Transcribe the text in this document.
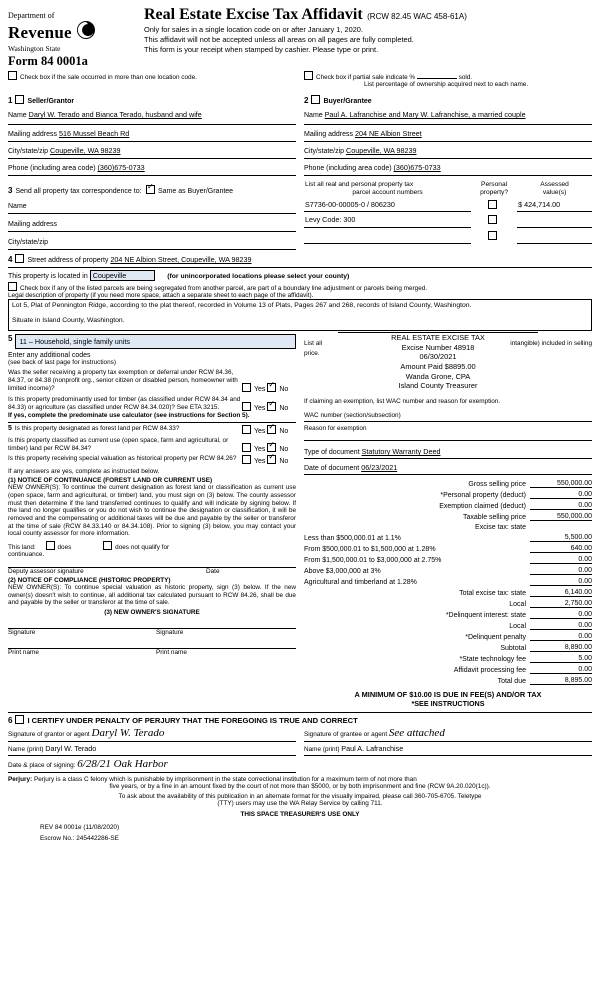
Department of
Revenue
Washington State
Form 84 0001a
Real Estate Excise Tax Affidavit (RCW 82.45 WAC 458-61A)
Only for sales in a single location code on or after January 1, 2020.
This affidavit will not be accepted unless all areas on all pages are fully completed.
This form is your receipt when stamped by cashier. Please type or print.
Check box if the sale occurred in more than one location code.	Check box if partial sale indicate %	sold.
List percentage of ownership acquired next to each name.
1 Seller/Grantor
Name Daryl W. Terado and Bianca Terado, husband and wife
Mailing address 516 Mussel Beach Rd
City/state/zip Coupeville, WA 98239
Phone (including area code) (360)675-0733
2 Buyer/Grantee
Name Paul A. Lafranchise and Mary W. Lafranchise, a married couple
Mailing address 204 NE Albion Street
City/state/zip Coupeville, WA 98239
Phone (including area code) (360)675-0733
3 Send all property tax correspondence to: ✓ Same as Buyer/Grantee
Name
Mailing address
City/state/zip
List all real and personal property tax
parcel account numbers

Personal
property?

Assessed
value(s)

S7736-00-00005-0 / 806230		$ 424,714.00
Levy Code: 300		

4 Street address of property 204 NE Albion Street, Coupeville, WA 98239
This property is located in Coupeville	(for unincorporated locations please select your county)
Check box if any of the listed parcels are being segregated from another parcel, are part of a boundary line adjustment or parcels being merged.
Legal description of property (if you need more space, attach a separate sheet to each page of the affidavit).
Lot 5, Plat of Pennington Ridge, according to the plat thereof, recorded in Volume 13 of Plats, Pages 267 and 268, records of Island County, Washington.
Situate in Island County, Washington.
5 11 – Household, single family units
Enter any additional codes
(see back of last page for instructions)
Was the seller receiving a property tax exemption or deferral under RCW 84.36, 84.37, or 84.38 (nonprofit org., senior citizen or disabled person, homeowner with limited income)?	Yes ✓No
Is this property predominantly used for timber (as classified under RCW 84.34 and 84.33) or agriculture (as classified under RCW 84.34.020)? See ETA 3215.	Yes ✓No
If yes, complete the predominate use calculator (see instructions for Section 5).
5 Is this property designated as forest land per RCW 84.33?	Yes ✓No
Is this property classified as current use (open space, farm and agricultural, or timber) land per RCW 84.34?	Yes ✓No
Is this property receiving special valuation as historical property per RCW 84.26?	Yes ✓No
If any answers are yes, complete as instructed below.
(1) NOTICE OF CONTINUANCE (FOREST LAND OR CURRENT USE)
NEW OWNER(S): To continue the current designation as forest land or classification as current use (open space, farm and agricultural, or timber) land, you must sign on (3) below. The county assessor must then determine if the land transferred continues to qualify and will indicate by signing below. If the land no longer qualifies or you do not wish to continue the designation or classification, it will be removed and the compensating or additional taxes will be due and payable by the seller or transferor at the time of sale (RCW 84.33.140 or 84.34.108). Prior to signing (3) below, you may contact your local county assessor for more information.
This land:	does	does not qualify for
continuance.
Deputy assessor signature	Date
(2) NOTICE OF COMPLIANCE (HISTORIC PROPERTY)
NEW OWNER(S): To continue special valuation as historic property, sign (3) below. If the new owner(s) doesn't wish to continue, all additional tax calculated pursuant to RCW 84.26, shall be due and payable by the seller or transferor at the time of sale.
(3) NEW OWNER'S SIGNATURE
Signature	Signature
Print name	Print name
List all
price.
intangible) included in selling
REAL ESTATE EXCISE TAX
Excise Number 48918
06/30/2021
Amount Paid $8895.00
Wanda Grone, CPA
Island County Treasurer
If claiming an exemption, list WAC number and reason for exemption.
WAC number (section/subsection)
Reason for exemption
Type of document Statutory Warranty Deed
Date of document 06/23/2021
Gross selling price	550,000.00
*Personal property (deduct)	0.00
Exemption claimed (deduct)	0.00
Taxable selling price	550,000.00
Excise tax: state
Less than $500,000.01 at 1.1%	5,500.00
From $500,000.01 to $1,500,000 at 1.28%	640.00
From $1,500,000.01 to $3,000,000 at 2.75%	0.00
Above $3,000,000 at 3%	0.00
Agricultural and timberland at 1.28%	0.00
Total excise tax: state	6,140.00
Local	2,750.00
*Delinquent interest: state	0.00
Local	0.00
*Delinquent penalty	0.00
Subtotal	8,890.00
*State technology fee	5.00
Affidavit processing fee	0.00
Total due	8,895.00
A MINIMUM OF $10.00 IS DUE IN FEE(S) AND/OR TAX
*SEE INSTRUCTIONS
6 I CERTIFY UNDER PENALTY OF PERJURY THAT THE FOREGOING IS TRUE AND CORRECT
Signature of grantor or agent Daryl W. Terado
Name (print) Daryl W. Terado
Date & place of signing: 6/28/21 Oak Harbor
Signature of grantee or agent See attached
Name (print) Paul A. Lafranchise
Perjury: Perjury is a class C felony which is punishable by imprisonment in the state correctional institution for a maximum term of not more than
five years, or by a fine in an amount fixed by the court of not more than $5000, or by both imprisonment and fine (RCW 9A.20.020(1c)).
To ask about the availability of this publication in an alternate format for the visually impaired, please call 360-705-6705. Teletype
(TTY) users may use the WA Relay Service by calling 711.
THIS SPACE TREASURER'S USE ONLY
REV 84 0001e (11/08/2020)
Escrow No.: 245442286-SE
